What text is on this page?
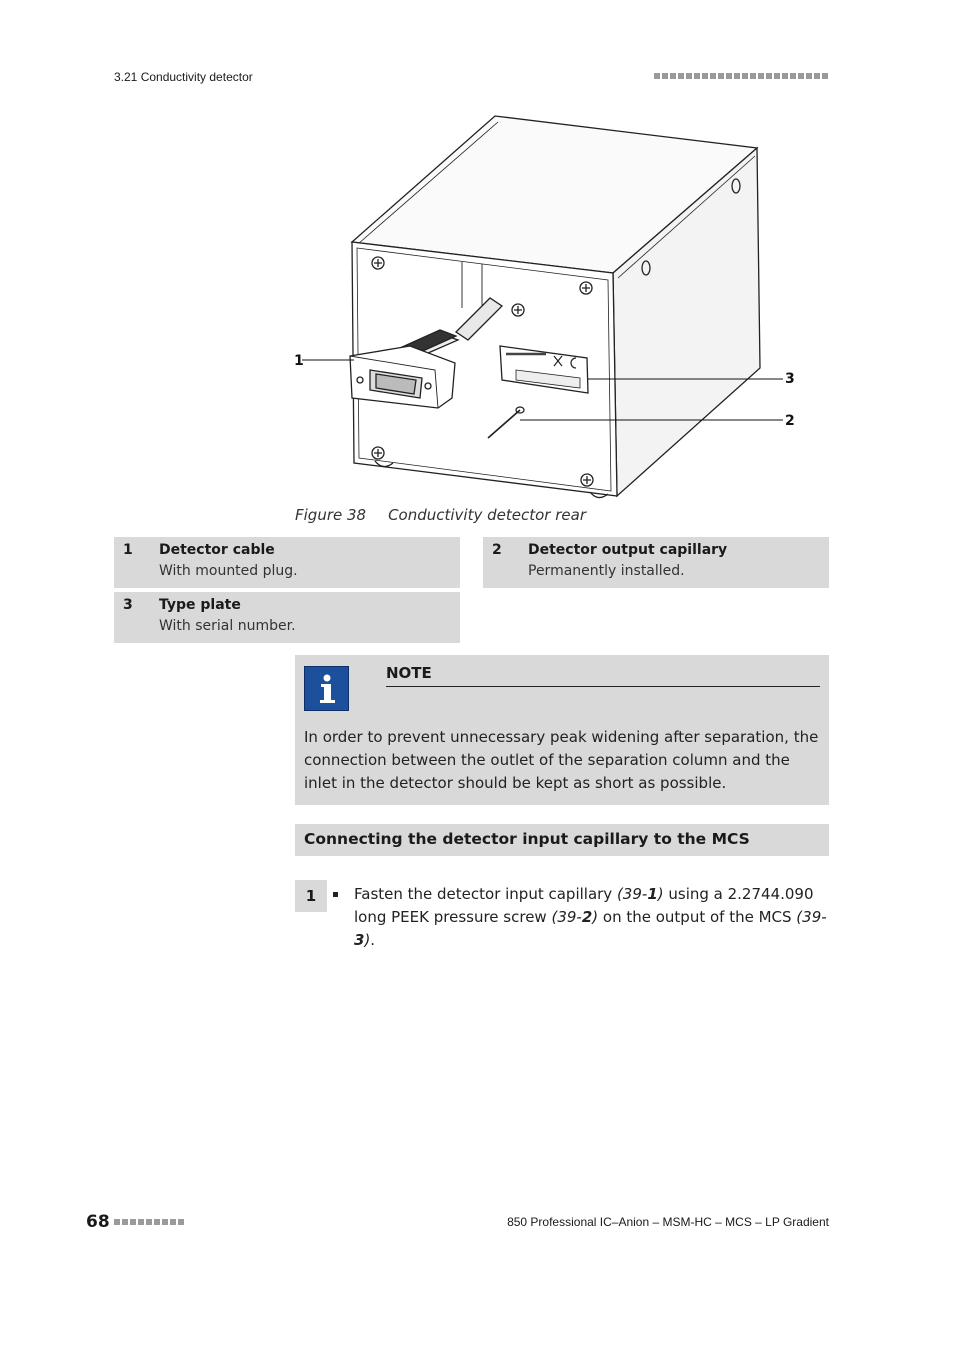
3.21 Conductivity detector
1
2
3
Figure 38 Conductivity detector rear
1 Detector cable
With mounted plug.
2 Detector output capillary
Permanently installed.
3 Type plate
With serial number.
NOTE
In order to prevent unnecessary peak widening after separation, the connection between the outlet of the separation column and the inlet in the detector should be kept as short as possible.
Connecting the detector input capillary to the MCS
1	Fasten the detector input capillary (39-1) using a 2.2744.090 long PEEK pressure screw (39-2) on the output of the MCS (39-3).
68	850 Professional IC–Anion – MSM-HC – MCS – LP Gradient
